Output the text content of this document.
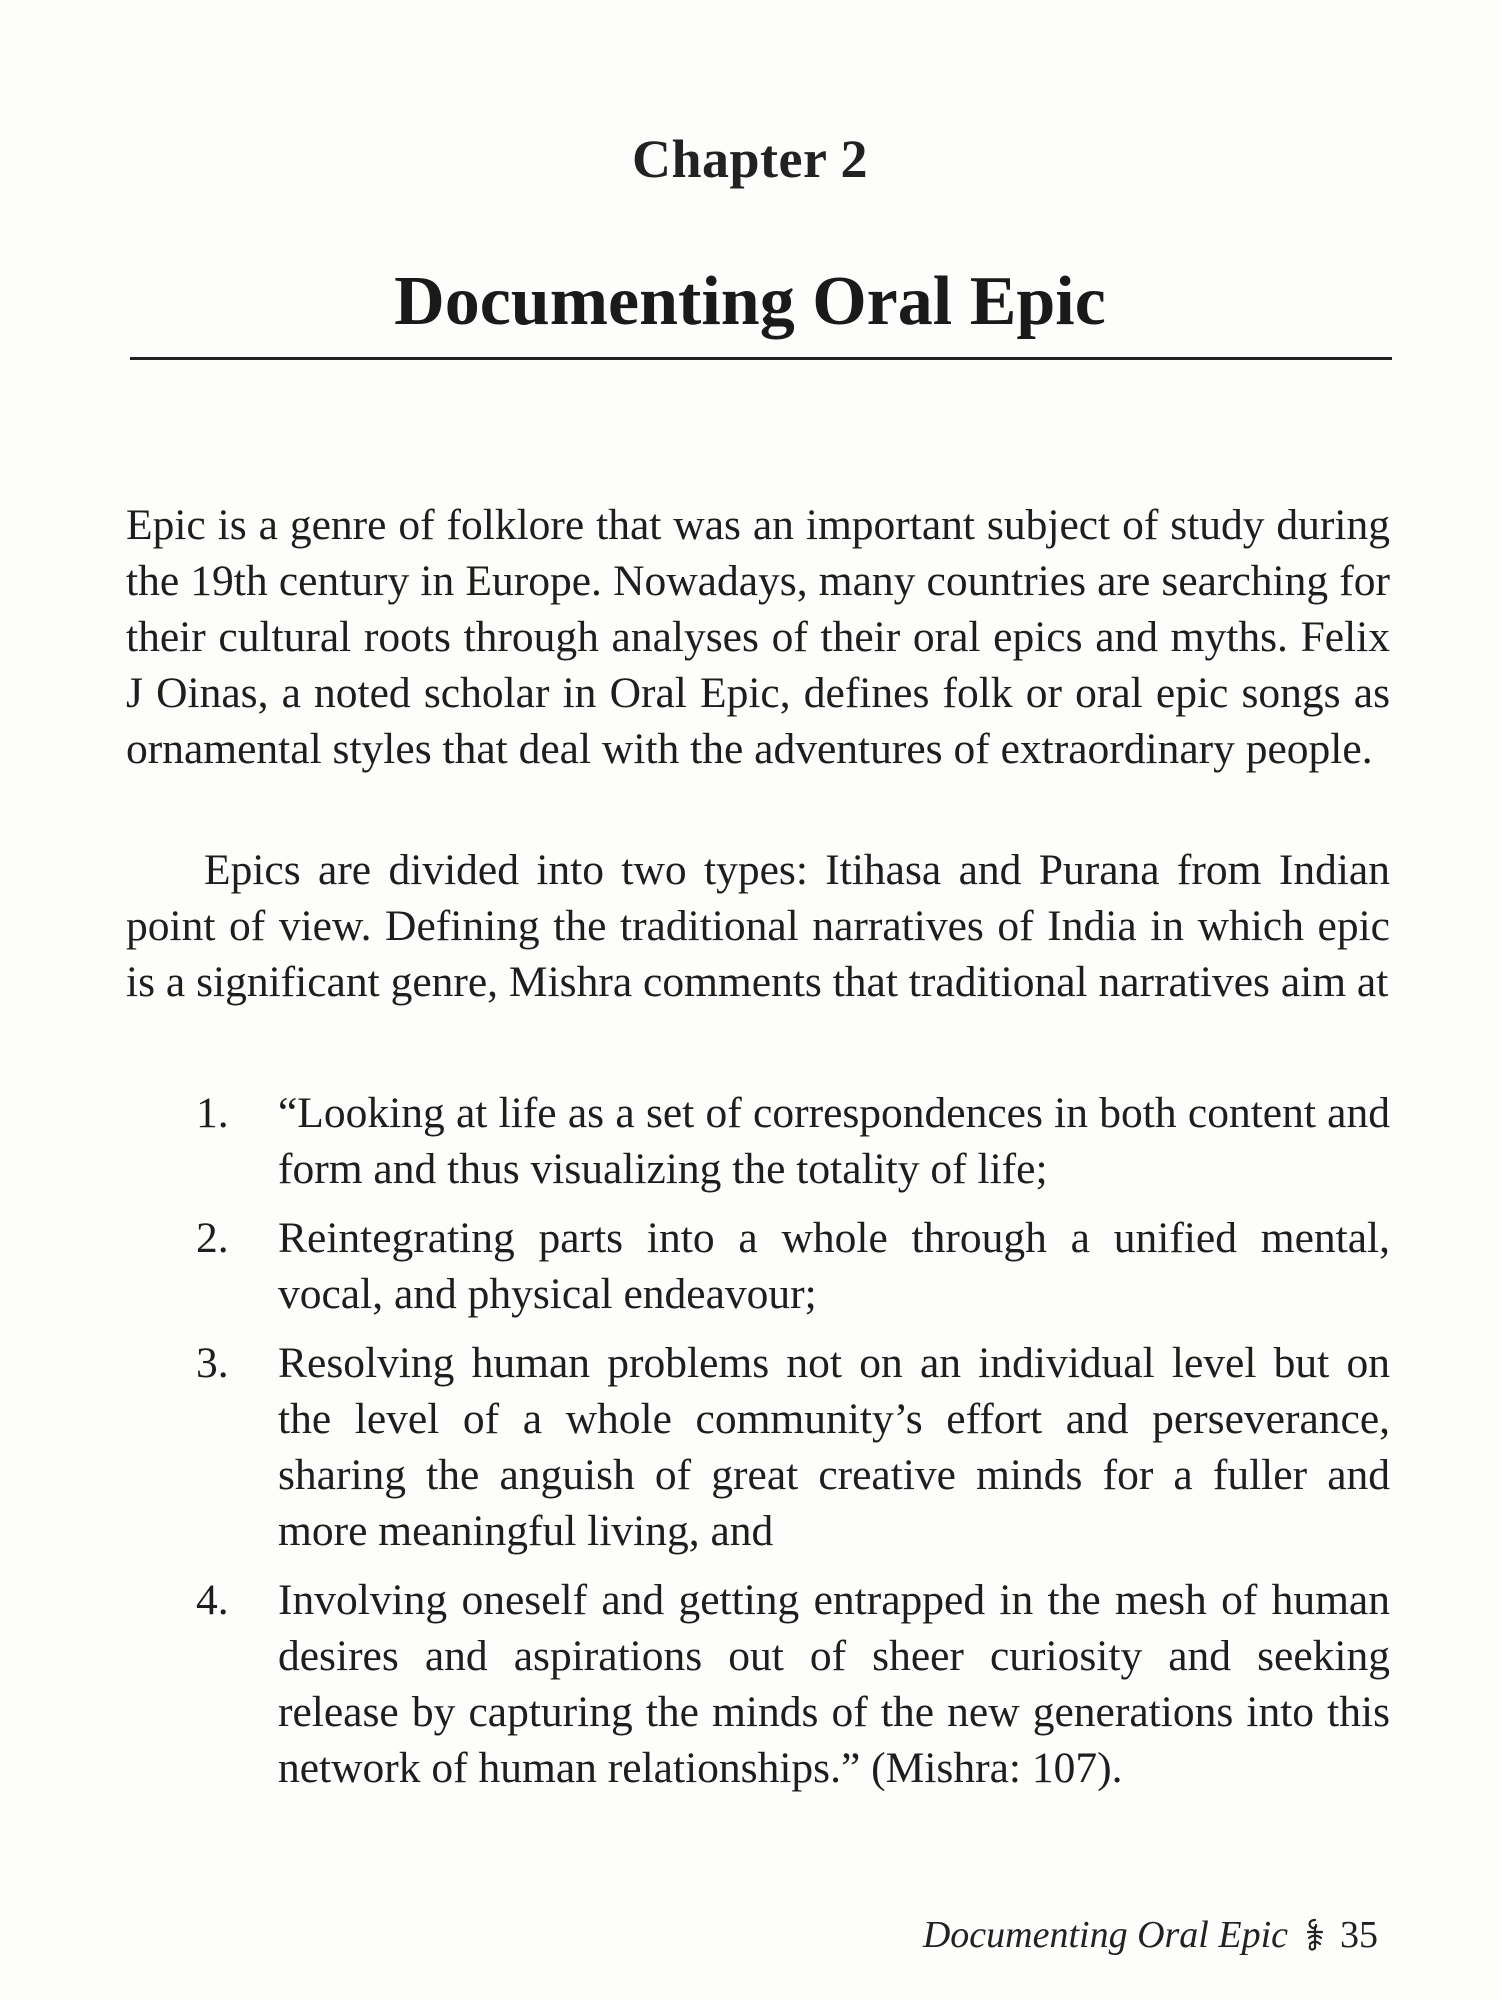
Chapter 2
Documenting Oral Epic

Epic is a genre of folklore that was an important subject of study during the 19th century in Europe. Nowadays, many countries are searching for their cultural roots through analyses of their oral epics and myths. Felix J Oinas, a noted scholar in Oral Epic, defines folk or oral epic songs as ornamental styles that deal with the adventures of extraordinary people.

Epics are divided into two types: Itihasa and Purana from Indian point of view. Defining the traditional narratives of India in which epic is a significant genre, Mishra comments that traditional narratives aim at

1. “Looking at life as a set of correspondences in both content and form and thus visualizing the totality of life;
2. Reintegrating parts into a whole through a unified mental, vocal, and physical endeavour;
3. Resolving human problems not on an individual level but on the level of a whole community’s effort and perseverance, sharing the anguish of great creative minds for a fuller and more meaningful living, and
4. Involving oneself and getting entrapped in the mesh of human desires and aspirations out of sheer curiosity and seeking release by capturing the minds of the new generations into this network of human relationships.” (Mishra: 107).
Documenting Oral Epic 35
